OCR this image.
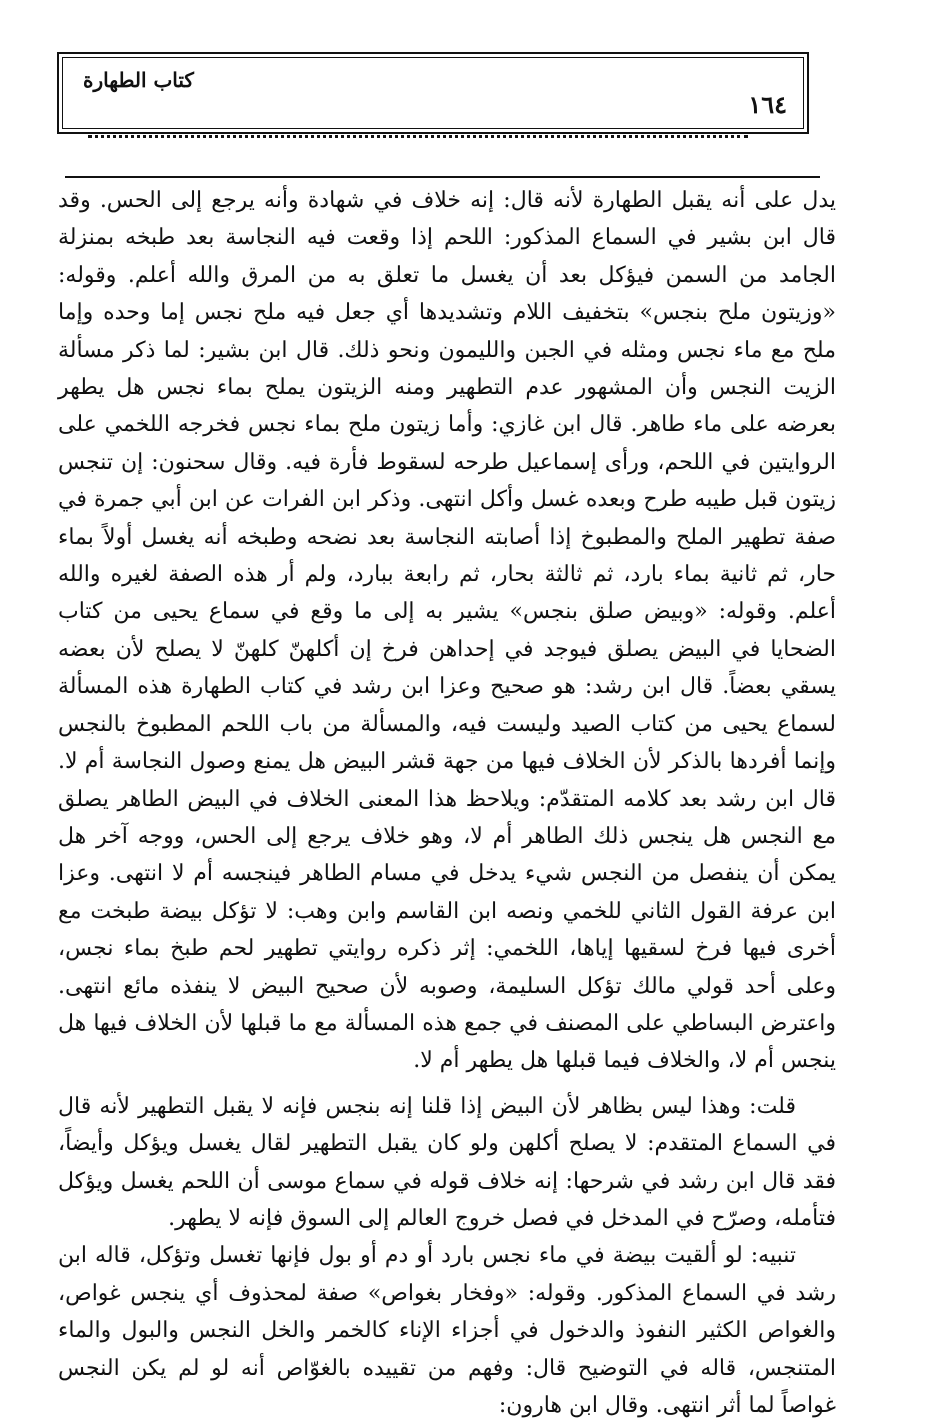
كتاب الطهارة
١٦٤

يدل على أنه يقبل الطهارة لأنه قال: إنه خلاف في شهادة وأنه يرجع إلى الحس. وقد قال ابن بشير في السماع المذكور: اللحم إذا وقعت فيه النجاسة بعد طبخه بمنزلة الجامد من السمن فيؤكل بعد أن يغسل ما تعلق به من المرق والله أعلم. وقوله: «وزيتون ملح بنجس» بتخفيف اللام وتشديدها أي جعل فيه ملح نجس إما وحده وإما ملح مع ماء نجس ومثله في الجبن والليمون ونحو ذلك. قال ابن بشير: لما ذكر مسألة الزيت النجس وأن المشهور عدم التطهير ومنه الزيتون يملح بماء نجس هل يطهر بعرضه على ماء طاهر. قال ابن غازي: وأما زيتون ملح بماء نجس فخرجه اللخمي على الروايتين في اللحم، ورأى إسماعيل طرحه لسقوط فأرة فيه. وقال سحنون: إن تنجس زيتون قبل طيبه طرح وبعده غسل وأكل انتهى. وذكر ابن الفرات عن ابن أبي جمرة في صفة تطهير الملح والمطبوخ إذا أصابته النجاسة بعد نضحه وطبخه أنه يغسل أولاً بماء حار، ثم ثانية بماء بارد، ثم ثالثة بحار، ثم رابعة ببارد، ولم أر هذه الصفة لغيره والله أعلم. وقوله: «وبيض صلق بنجس» يشير به إلى ما وقع في سماع يحيى من كتاب الضحايا في البيض يصلق فيوجد في إحداهن فرخ إن أكلهنّ كلهنّ لا يصلح لأن بعضه يسقي بعضاً. قال ابن رشد: هو صحيح وعزا ابن رشد في كتاب الطهارة هذه المسألة لسماع يحيى من كتاب الصيد وليست فيه، والمسألة من باب اللحم المطبوخ بالنجس وإنما أفردها بالذكر لأن الخلاف فيها من جهة قشر البيض هل يمنع وصول النجاسة أم لا. قال ابن رشد بعد كلامه المتقدّم: ويلاحظ هذا المعنى الخلاف في البيض الطاهر يصلق مع النجس هل ينجس ذلك الطاهر أم لا، وهو خلاف يرجع إلى الحس، ووجه آخر هل يمكن أن ينفصل من النجس شيء يدخل في مسام الطاهر فينجسه أم لا انتهى. وعزا ابن عرفة القول الثاني للخمي ونصه ابن القاسم وابن وهب: لا تؤكل بيضة طبخت مع أخرى فيها فرخ لسقيها إياها، اللخمي: إثر ذكره روايتي تطهير لحم طبخ بماء نجس، وعلى أحد قولي مالك تؤكل السليمة، وصوبه لأن صحيح البيض لا ينفذه مائع انتهى. واعترض البساطي على المصنف في جمع هذه المسألة مع ما قبلها لأن الخلاف فيها هل ينجس أم لا، والخلاف فيما قبلها هل يطهر أم لا.

قلت: وهذا ليس بظاهر لأن البيض إذا قلنا إنه بنجس فإنه لا يقبل التطهير لأنه قال في السماع المتقدم: لا يصلح أكلهن ولو كان يقبل التطهير لقال يغسل ويؤكل وأيضاً، فقد قال ابن رشد في شرحها: إنه خلاف قوله في سماع موسى أن اللحم يغسل ويؤكل فتأمله، وصرّح في المدخل في فصل خروج العالم إلى السوق فإنه لا يطهر.

تنبيه: لو ألقيت بيضة في ماء نجس بارد أو دم أو بول فإنها تغسل وتؤكل، قاله ابن رشد في السماع المذكور. وقوله: «وفخار بغواص» صفة لمحذوف أي ينجس غواص، والغواص الكثير النفوذ والدخول في أجزاء الإناء كالخمر والخل النجس والبول والماء المتنجس، قاله في التوضيح قال: وفهم من تقييده بالغوّاص أنه لو لم يكن النجس غواصاً لما أثر انتهى. وقال ابن هارون:
